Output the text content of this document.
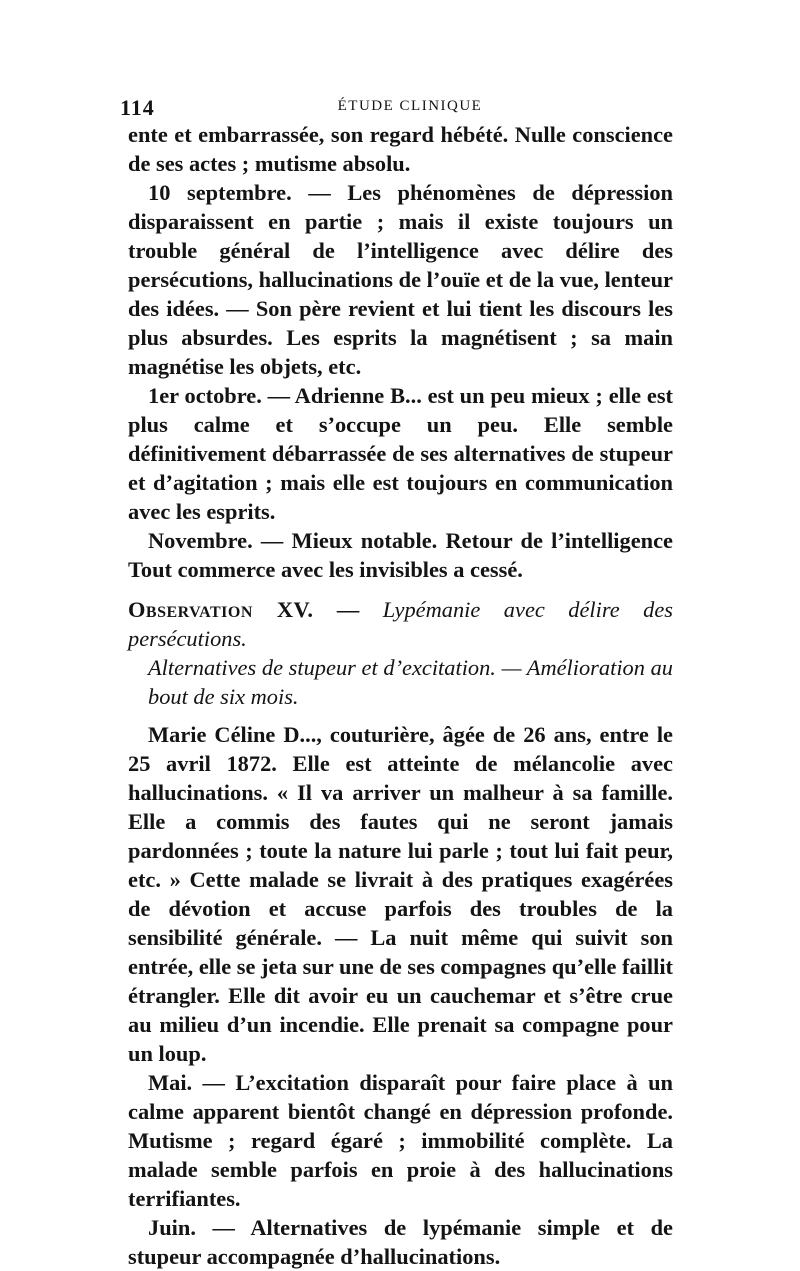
114	ÉTUDE CLINIQUE

ente et embarrassée, son regard hébété. Nulle conscience de ses actes ; mutisme absolu.

10 septembre. — Les phénomènes de dépression disparaissent en partie ; mais il existe toujours un trouble général de l’intelligence avec délire des persécutions, hallucinations de l’ouïe et de la vue, lenteur des idées. — Son père revient et lui tient les discours les plus absurdes. Les esprits la magnétisent ; sa main magnétise les objets, etc.

1er octobre. — Adrienne B... est un peu mieux ; elle est plus calme et s’occupe un peu. Elle semble définitivement débarrassée de ses alternatives de stupeur et d’agitation ; mais elle est toujours en communication avec les esprits.

Novembre. — Mieux notable. Retour de l’intelligence Tout commerce avec les invisibles a cessé.

Observation XV. — Lypémanie avec délire des persécutions.

Alternatives de stupeur et d’excitation. — Amélioration au bout de six mois.

Marie Céline D..., couturière, âgée de 26 ans, entre le 25 avril 1872. Elle est atteinte de mélancolie avec hallucinations. « Il va arriver un malheur à sa famille. Elle a commis des fautes qui ne seront jamais pardonnées ; toute la nature lui parle ; tout lui fait peur, etc. » Cette malade se livrait à des pratiques exagérées de dévotion et accuse parfois des troubles de la sensibilité générale. — La nuit même qui suivit son entrée, elle se jeta sur une de ses compagnes qu’elle faillit étrangler. Elle dit avoir eu un cauchemar et s’être crue au milieu d’un incendie. Elle prenait sa compagne pour un loup.

Mai. — L’excitation disparaît pour faire place à un calme apparent bientôt changé en dépression profonde. Mutisme ; regard égaré ; immobilité complète. La malade semble parfois en proie à des hallucinations terrifiantes.

Juin. — Alternatives de lypémanie simple et de stupeur accompagnée d’hallucinations.
